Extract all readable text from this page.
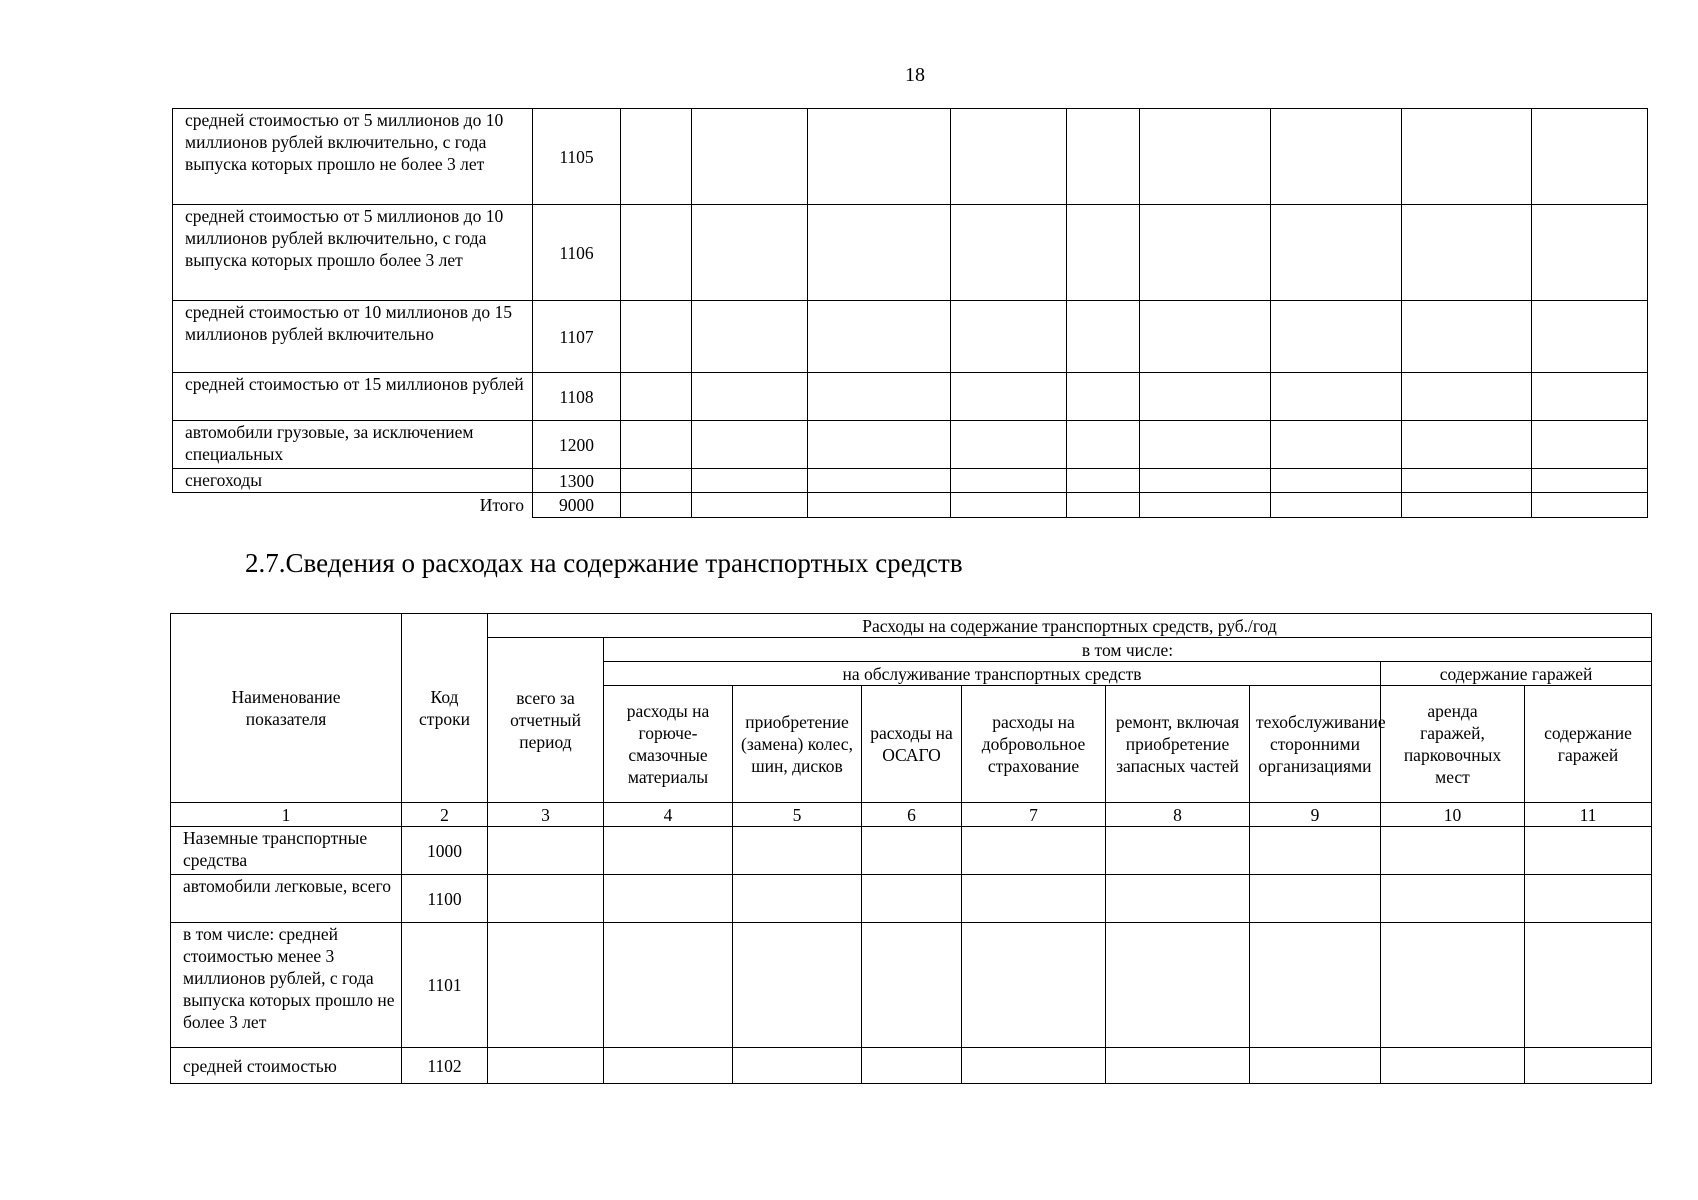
18
средней стоимостью от 5 миллионов до 10 миллионов рублей включительно, с года выпуска которых прошло не более 3 лет	1105									
средней стоимостью от 5 миллионов до 10 миллионов рублей включительно, с года выпуска которых прошло более 3 лет	1106									
средней стоимостью от 10 миллионов до 15 миллионов рублей включительно	1107									
средней стоимостью от 15 миллионов рублей	1108									
автомобили грузовые, за исключением специальных	1200									
снегоходы	1300									
Итого	9000									
2.7.Сведения о расходах на содержание транспортных средств
Наименование показателя	Код строки	Расходы на содержание транспортных средств, руб./год								
		всего за отчетный период	в том числе:							
			на обслуживание транспортных средств						содержание гаражей	
			расходы на горюче-смазочные материалы	приобретение (замена) колес, шин, дисков	расходы на ОСАГО	расходы на добровольное страхование	ремонт, включая приобретение запасных частей	техобслуживание сторонними организациями	аренда гаражей, парковочных мест	содержание гаражей
1	2	3	4	5	6	7	8	9	10	11
Наземные транспортные средства	1000									
автомобили легковые, всего	1100									
в том числе: средней стоимостью менее 3 миллионов рублей, с года выпуска которых прошло не более 3 лет	1101									
средней стоимостью	1102									
